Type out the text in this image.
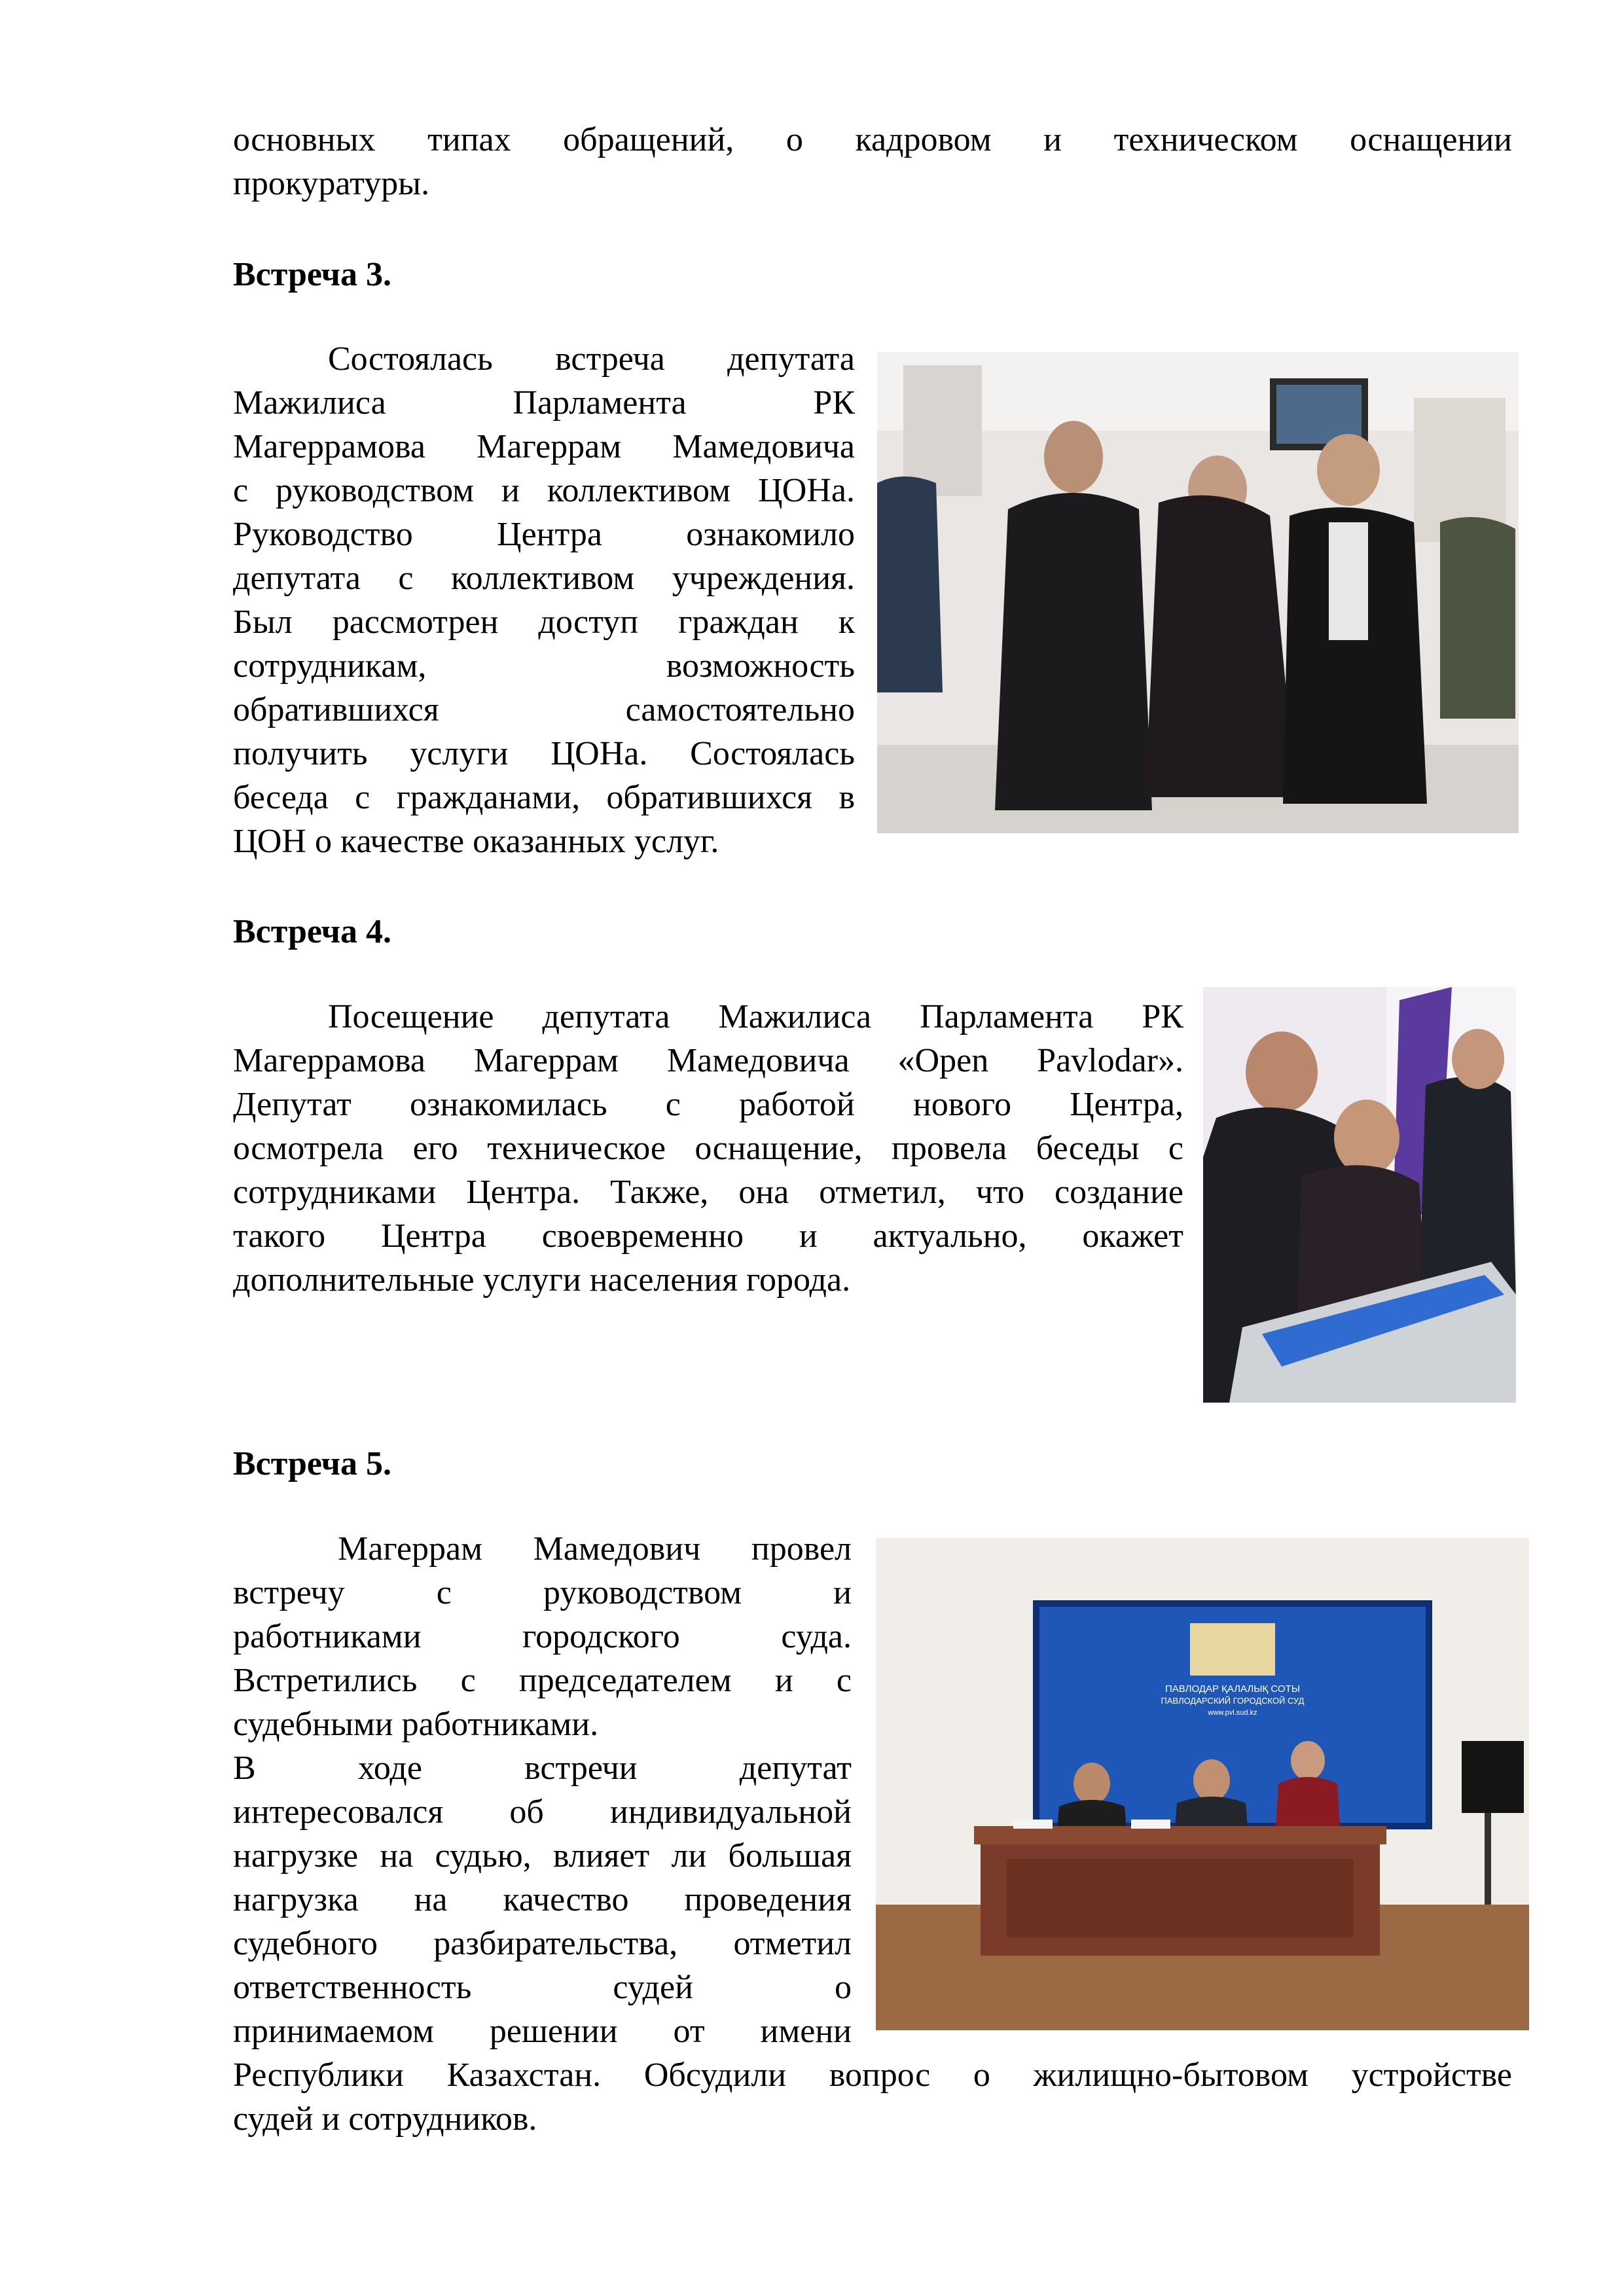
основных типах обращений, о кадровом и техническом оснащении
прокуратуры.
Встреча 3.
Состоялась встреча депутата
Мажилиса Парламента РК
Магеррамова Магеррам Мамедовича
с руководством и коллективом ЦОНа.
Руководство Центра ознакомило
депутата с коллективом учреждения.
Был рассмотрен доступ граждан к
сотрудникам, возможность
обратившихся самостоятельно
получить услуги ЦОНа. Состоялась
беседа с гражданами, обратившихся в
ЦОН о качестве оказанных услуг.
Встреча 4.
Посещение депутата Мажилиса Парламента РК
Магеррамова Магеррам Мамедовича «Open Pavlodar».
Депутат ознакомилась с работой нового Центра,
осмотрела его техническое оснащение, провела беседы с
сотрудниками Центра. Также, она отметил, что создание
такого Центра своевременно и актуально, окажет
дополнительные услуги населения города.
Встреча 5.
Магеррам Мамедович провел
встречу с руководством и
работниками городского суда.
Встретились с председателем и с
судебными работниками.
В ходе встречи депутат
интересовался об индивидуальной
нагрузке на судью, влияет ли большая
нагрузка на качество проведения
судебного разбирательства, отметил
ответственность судей о
принимаемом решении от имени
Республики Казахстан. Обсудили вопрос о жилищно-бытовом устройстве
судей и сотрудников.
ПАВЛОДАР ҚАЛАЛЫҚ СОТЫ
ПАВЛОДАРСКИЙ ГОРОДСКОЙ СУД
www.pvl.sud.kz
